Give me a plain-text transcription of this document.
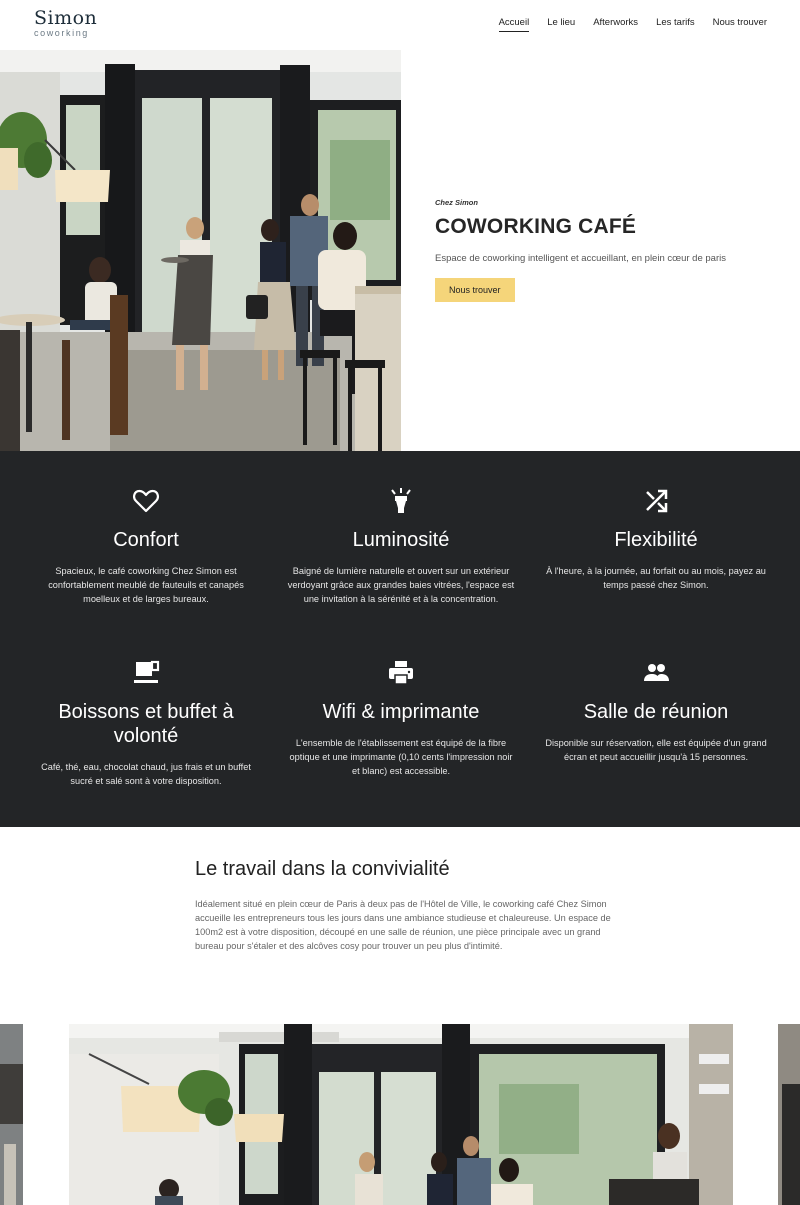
Simon
coworking
Accueil Le lieu Afterworks Les tarifs Nous trouver
Chez Simon
COWORKING CAFÉ
Espace de coworking intelligent et accueillant, en plein cœur de paris
Nous trouver
Confort
Spacieux, le café coworking Chez Simon est confortablement meublé de fauteuils et canapés moelleux et de larges bureaux.
Luminosité
Baigné de lumière naturelle et ouvert sur un extérieur verdoyant grâce aux grandes baies vitrées, l'espace est une invitation à la sérénité et à la concentration.
Flexibilité
À l'heure, à la journée, au forfait ou au mois, payez au temps passé chez Simon.
Boissons et buffet à volonté
Café, thé, eau, chocolat chaud, jus frais et un buffet sucré et salé sont à votre disposition.
Wifi & imprimante
L'ensemble de l'établissement est équipé de la fibre optique et une imprimante (0,10 cents l'impression noir et blanc) est accessible.
Salle de réunion
Disponible sur réservation, elle est équipée d'un grand écran et peut accueillir jusqu'à 15 personnes.
Le travail dans la convivialité
Idéalement situé en plein cœur de Paris à deux pas de l'Hôtel de Ville, le coworking café Chez Simon accueille les entrepreneurs tous les jours dans une ambiance studieuse et chaleureuse. Un espace de 100m2 est à votre disposition, découpé en une salle de réunion, une pièce principale avec un grand bureau pour s'étaler et des alcôves cosy pour trouver un peu plus d'intimité.
